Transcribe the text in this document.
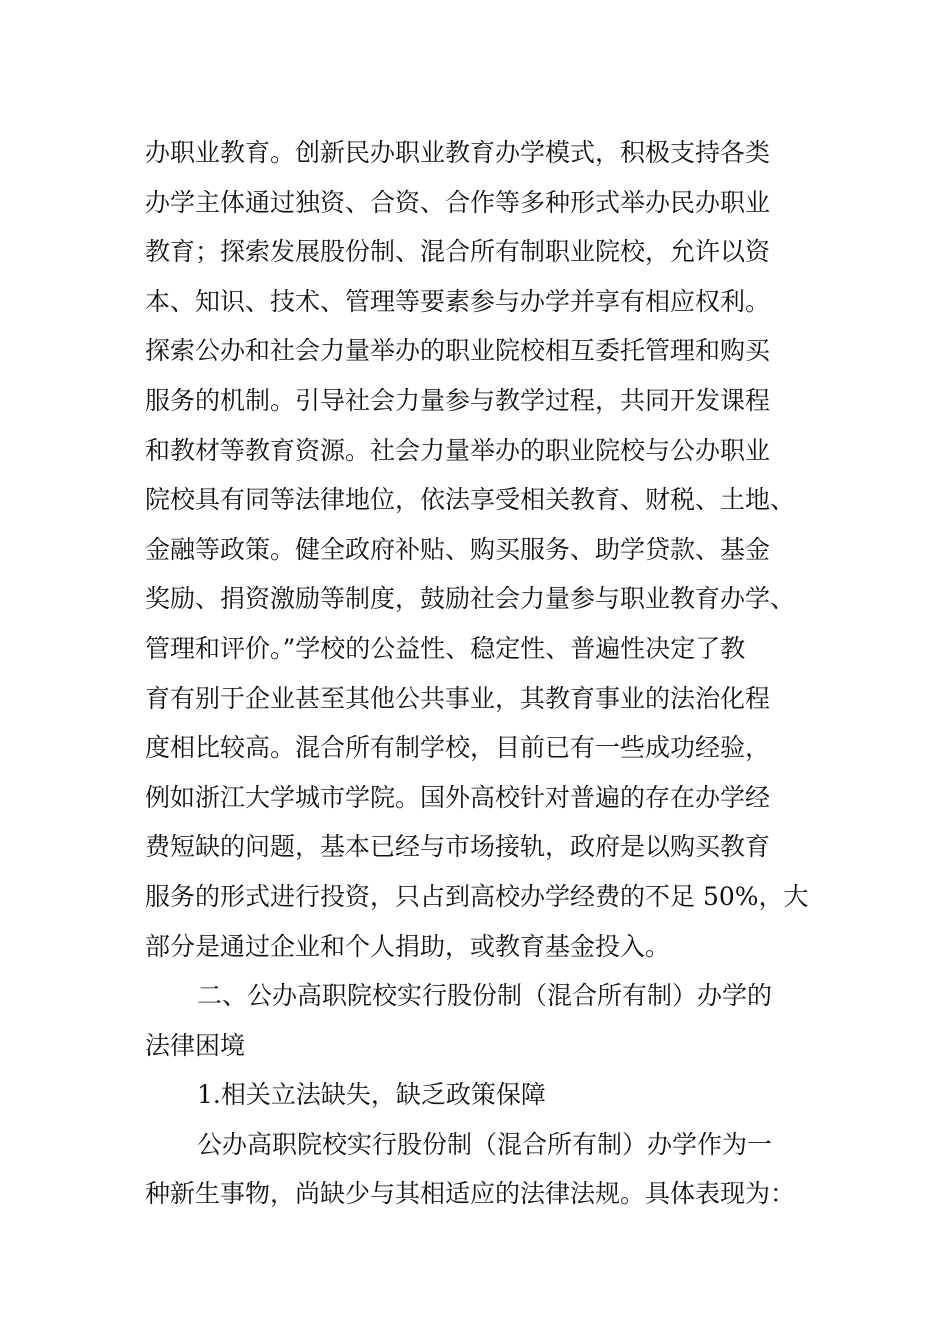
办职业教育。创新民办职业教育办学模式，积极支持各类
办学主体通过独资、合资、合作等多种形式举办民办职业
教育；探索发展股份制、混合所有制职业院校，允许以资
本、知识、技术、管理等要素参与办学并享有相应权利。
探索公办和社会力量举办的职业院校相互委托管理和购买
服务的机制。引导社会力量参与教学过程，共同开发课程
和教材等教育资源。社会力量举办的职业院校与公办职业
院校具有同等法律地位，依法享受相关教育、财税、土地、
金融等政策。健全政府补贴、购买服务、助学贷款、基金
奖励、捐资激励等制度，鼓励社会力量参与职业教育办学、
管理和评价。”学校的公益性、稳定性、普遍性决定了教
育有别于企业甚至其他公共事业，其教育事业的法治化程
度相比较高。混合所有制学校，目前已有一些成功经验，
例如浙江大学城市学院。国外高校针对普遍的存在办学经
费短缺的问题，基本已经与市场接轨，政府是以购买教育
服务的形式进行投资，只占到高校办学经费的不足 50%，大
部分是通过企业和个人捐助，或教育基金投入。
二、公办高职院校实行股份制（混合所有制）办学的
法律困境
1.相关立法缺失，缺乏政策保障
公办高职院校实行股份制（混合所有制）办学作为一
种新生事物，尚缺少与其相适应的法律法规。具体表现为：
